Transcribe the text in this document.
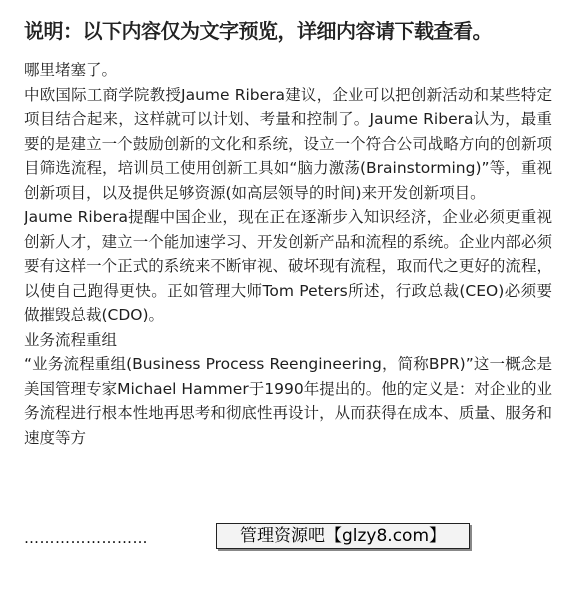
说明：以下内容仅为文字预览，详细内容请下载查看。

哪里堵塞了。

中欧国际工商学院教授Jaume Ribera建议，企业可以把创新活动和某些特定项目结合起来，这样就可以计划、考量和控制了。Jaume Ribera认为，最重要的是建立一个鼓励创新的文化和系统，设立一个符合公司战略方向的创新项目筛选流程，培训员工使用创新工具如“脑力激荡(Brainstorming)”等，重视创新项目，以及提供足够资源(如高层领导的时间)来开发创新项目。

Jaume Ribera提醒中国企业，现在正在逐渐步入知识经济，企业必须更重视创新人才，建立一个能加速学习、开发创新产品和流程的系统。企业内部必须要有这样一个正式的系统来不断审视、破坏现有流程，取而代之更好的流程，以使自己跑得更快。正如管理大师Tom Peters所述，行政总裁(CEO)必须要做摧毁总裁(CDO)。

业务流程重组

“业务流程重组(Business Process Reengineering，简称BPR)”这一概念是美国管理专家Michael Hammer于1990年提出的。他的定义是：对企业的业务流程进行根本性地再思考和彻底性再设计，从而获得在成本、质量、服务和速度等方

……………………	管理资源吧【glzy8.com】
